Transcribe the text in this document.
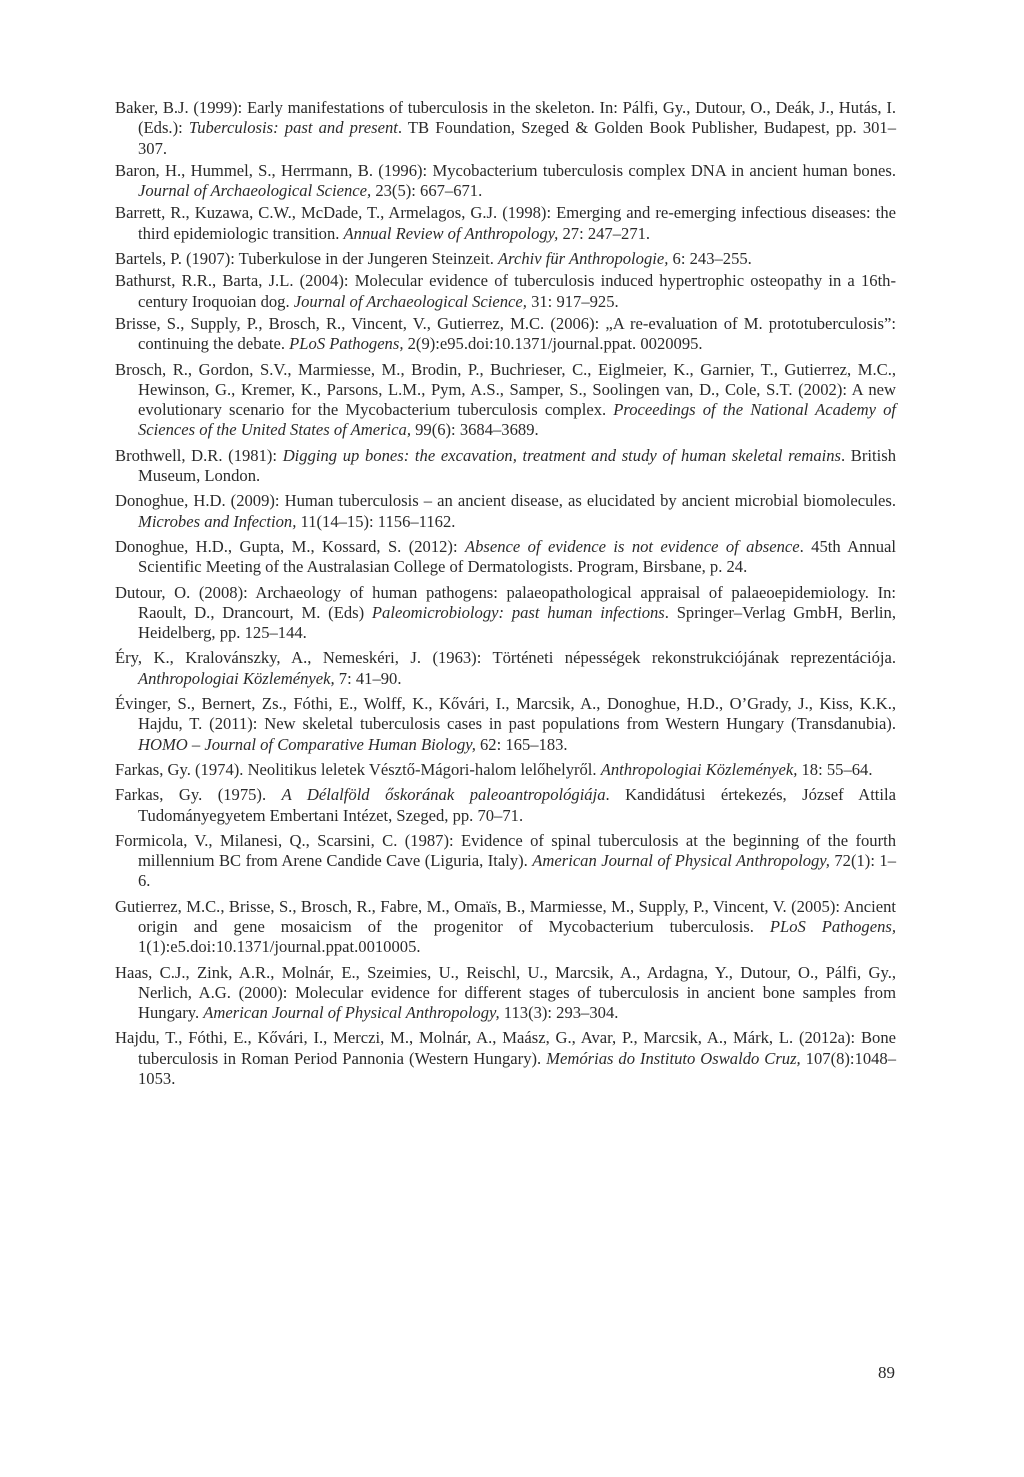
Baker, B.J. (1999): Early manifestations of tuberculosis in the skeleton. In: Pálfi, Gy., Dutour, O., Deák, J., Hutás, I. (Eds.): Tuberculosis: past and present. TB Foundation, Szeged & Golden Book Publisher, Budapest, pp. 301–307.

Baron, H., Hummel, S., Herrmann, B. (1996): Mycobacterium tuberculosis complex DNA in ancient human bones. Journal of Archaeological Science, 23(5): 667–671.

Barrett, R., Kuzawa, C.W., McDade, T., Armelagos, G.J. (1998): Emerging and re-emerging infectious diseases: the third epidemiologic transition. Annual Review of Anthropology, 27: 247–271.

Bartels, P. (1907): Tuberkulose in der Jungeren Steinzeit. Archiv für Anthropologie, 6: 243–255.

Bathurst, R.R., Barta, J.L. (2004): Molecular evidence of tuberculosis induced hypertrophic osteopathy in a 16th-century Iroquoian dog. Journal of Archaeological Science, 31: 917–925.

Brisse, S., Supply, P., Brosch, R., Vincent, V., Gutierrez, M.C. (2006): „A re-evaluation of M. prototuberculosis”: continuing the debate. PLoS Pathogens, 2(9):e95.doi:10.1371/journal.ppat. 0020095.

Brosch, R., Gordon, S.V., Marmiesse, M., Brodin, P., Buchrieser, C., Eiglmeier, K., Garnier, T., Gutierrez, M.C., Hewinson, G., Kremer, K., Parsons, L.M., Pym, A.S., Samper, S., Soolingen van, D., Cole, S.T. (2002): A new evolutionary scenario for the Mycobacterium tuberculosis complex. Proceedings of the National Academy of Sciences of the United States of America, 99(6): 3684–3689.

Brothwell, D.R. (1981): Digging up bones: the excavation, treatment and study of human skeletal remains. British Museum, London.

Donoghue, H.D. (2009): Human tuberculosis – an ancient disease, as elucidated by ancient microbial biomolecules. Microbes and Infection, 11(14–15): 1156–1162.

Donoghue, H.D., Gupta, M., Kossard, S. (2012): Absence of evidence is not evidence of absence. 45th Annual Scientific Meeting of the Australasian College of Dermatologists. Program, Birsbane, p. 24.

Dutour, O. (2008): Archaeology of human pathogens: palaeopathological appraisal of palaeoepidemiology. In: Raoult, D., Drancourt, M. (Eds) Paleomicrobiology: past human infections. Springer–Verlag GmbH, Berlin, Heidelberg, pp. 125–144.

Éry, K., Kralovánszky, A., Nemeskéri, J. (1963): Történeti népességek rekonstrukciójának reprezentációja. Anthropologiai Közlemények, 7: 41–90.

Évinger, S., Bernert, Zs., Fóthi, E., Wolff, K., Kővári, I., Marcsik, A., Donoghue, H.D., O’Grady, J., Kiss, K.K., Hajdu, T. (2011): New skeletal tuberculosis cases in past populations from Western Hungary (Transdanubia). HOMO – Journal of Comparative Human Biology, 62: 165–183.

Farkas, Gy. (1974). Neolitikus leletek Vésztő-Mágori-halom lelőhelyről. Anthropologiai Közlemények, 18: 55–64.

Farkas, Gy. (1975). A Délalföld őskorának paleoantropológiája. Kandidátusi értekezés, József Attila Tudományegyetem Embertani Intézet, Szeged, pp. 70–71.

Formicola, V., Milanesi, Q., Scarsini, C. (1987): Evidence of spinal tuberculosis at the beginning of the fourth millennium BC from Arene Candide Cave (Liguria, Italy). American Journal of Physical Anthropology, 72(1): 1–6.

Gutierrez, M.C., Brisse, S., Brosch, R., Fabre, M., Omaïs, B., Marmiesse, M., Supply, P., Vincent, V. (2005): Ancient origin and gene mosaicism of the progenitor of Mycobacterium tuberculosis. PLoS Pathogens, 1(1):e5.doi:10.1371/journal.ppat.0010005.

Haas, C.J., Zink, A.R., Molnár, E., Szeimies, U., Reischl, U., Marcsik, A., Ardagna, Y., Dutour, O., Pálfi, Gy., Nerlich, A.G. (2000): Molecular evidence for different stages of tuberculosis in ancient bone samples from Hungary. American Journal of Physical Anthropology, 113(3): 293–304.

Hajdu, T., Fóthi, E., Kővári, I., Merczi, M., Molnár, A., Maász, G., Avar, P., Marcsik, A., Márk, L. (2012a): Bone tuberculosis in Roman Period Pannonia (Western Hungary). Memórias do Instituto Oswaldo Cruz, 107(8):1048–1053.

89
